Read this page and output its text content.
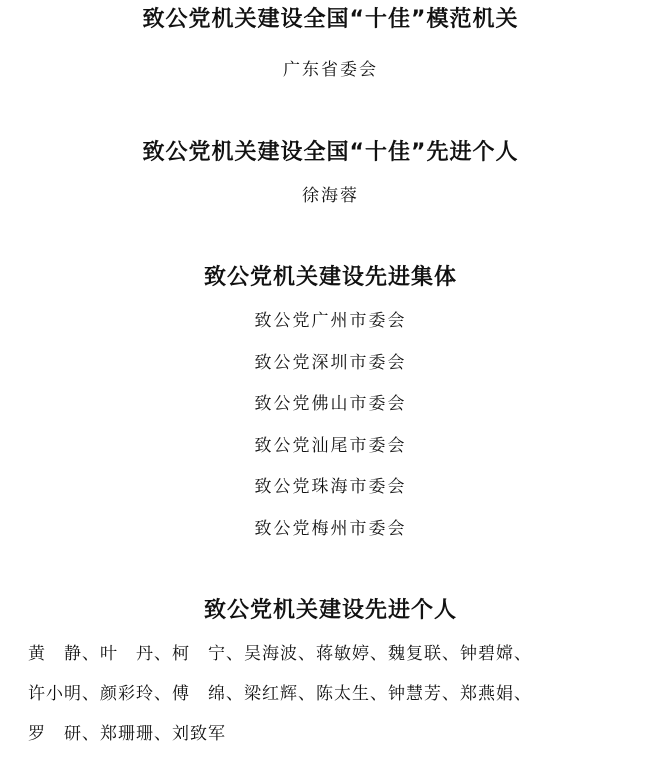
致公党机关建设全国“十佳”模范机关
广东省委会
致公党机关建设全国“十佳”先进个人
徐海蓉
致公党机关建设先进集体
致公党广州市委会
致公党深圳市委会
致公党佛山市委会
致公党汕尾市委会
致公党珠海市委会
致公党梅州市委会
致公党机关建设先进个人
黄　静、叶　丹、柯　宁、吴海波、蒋敏婷、魏复联、钟碧嫦、
许小明、颜彩玲、傅　绵、梁红辉、陈太生、钟慧芳、郑燕娟、
罗　研、郑珊珊、刘致军
